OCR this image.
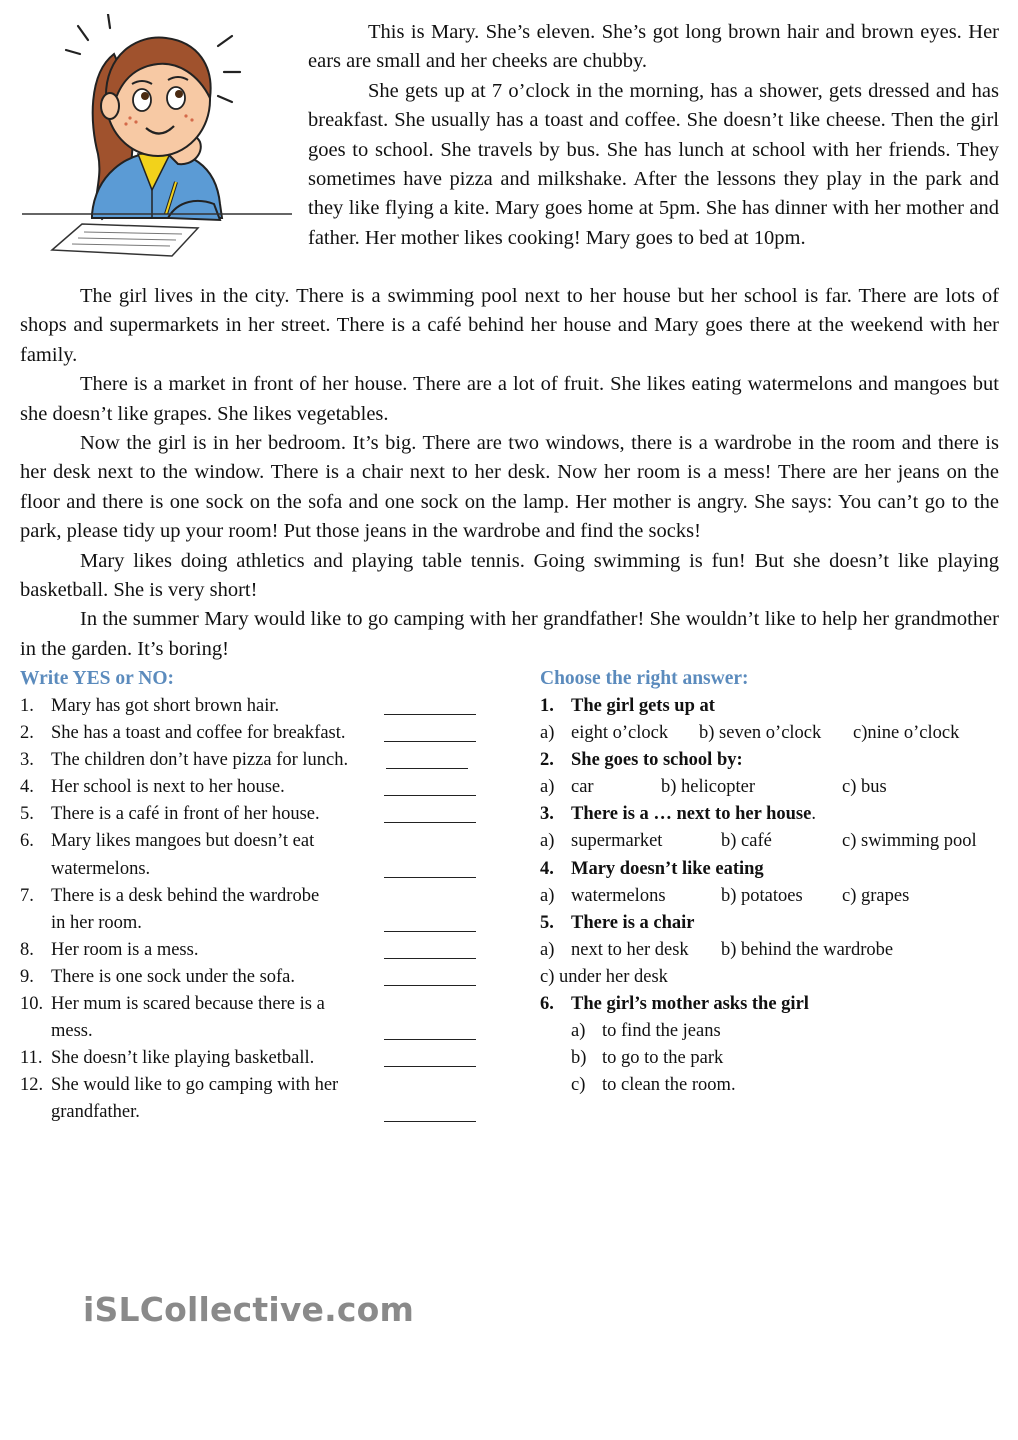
This is Mary. She’s eleven. She’s got long brown hair and brown eyes. Her ears are small and her cheeks are chubby.

She gets up at 7 o’clock in the morning, has a shower, gets dressed and has breakfast. She usually has a toast and coffee. She doesn’t like cheese. Then the girl goes to school. She travels by bus. She has lunch at school with her friends. They sometimes have pizza and milkshake. After the lessons they play in the park and they like flying a kite. Mary goes home at 5pm. She has dinner with her mother and father. Her mother likes cooking! Mary goes to bed at 10pm.

The girl lives in the city. There is a swimming pool next to her house but her school is far. There are lots of shops and supermarkets in her street. There is a café behind her house and Mary goes there at the weekend with her family.

There is a market in front of her house. There are a lot of fruit. She likes eating watermelons and mangoes but she doesn’t like grapes. She likes vegetables.

Now the girl is in her bedroom. It’s big. There are two windows, there is a wardrobe in the room and there is her desk next to the window. There is a chair next to her desk. Now her room is a mess! There are her jeans on the floor and there is one sock on the sofa and one sock on the lamp. Her mother is angry. She says: You can’t go to the park, please tidy up your room! Put those jeans in the wardrobe and find the socks!

Mary likes doing athletics and playing table tennis. Going swimming is fun! But she doesn’t like playing basketball. She is very short!

In the summer Mary would like to go camping with her grandfather! She wouldn’t like to help her grandmother in the garden. It’s boring!

Write YES or NO:
1. Mary has got short brown hair.
2. She has a toast and coffee for breakfast.
3. The children don’t have pizza for lunch.
4. Her school is next to her house.
5. There is a café in front of her house.
6. Mary likes mangoes but doesn’t eat
watermelons.
7. There is a desk behind the wardrobe
in her room.
8. Her room is a mess.
9. There is one sock under the sofa.
10. Her mum is scared because there is a
mess.
11. She doesn’t like playing basketball.
12. She would like to go camping with her
grandfather.
Choose the right answer:
1. The girl gets up at
a) eight o’clock b) seven o’clock c)nine o’clock
2. She goes to school by:
a) car	b) helicopter	c) bus
3. There is a … next to her house .
a) supermarket	b) café	c) swimming pool
4. Mary doesn’t like eating
a) watermelons	b) potatoes c) grapes
5. There is a chair
a) next to her desk b) behind the wardrobe
c) under her desk
6. The girl’s mother asks the girl
a) to find the jeans
b) to go to the park
c) to clean the room.
iSLCollective.com
